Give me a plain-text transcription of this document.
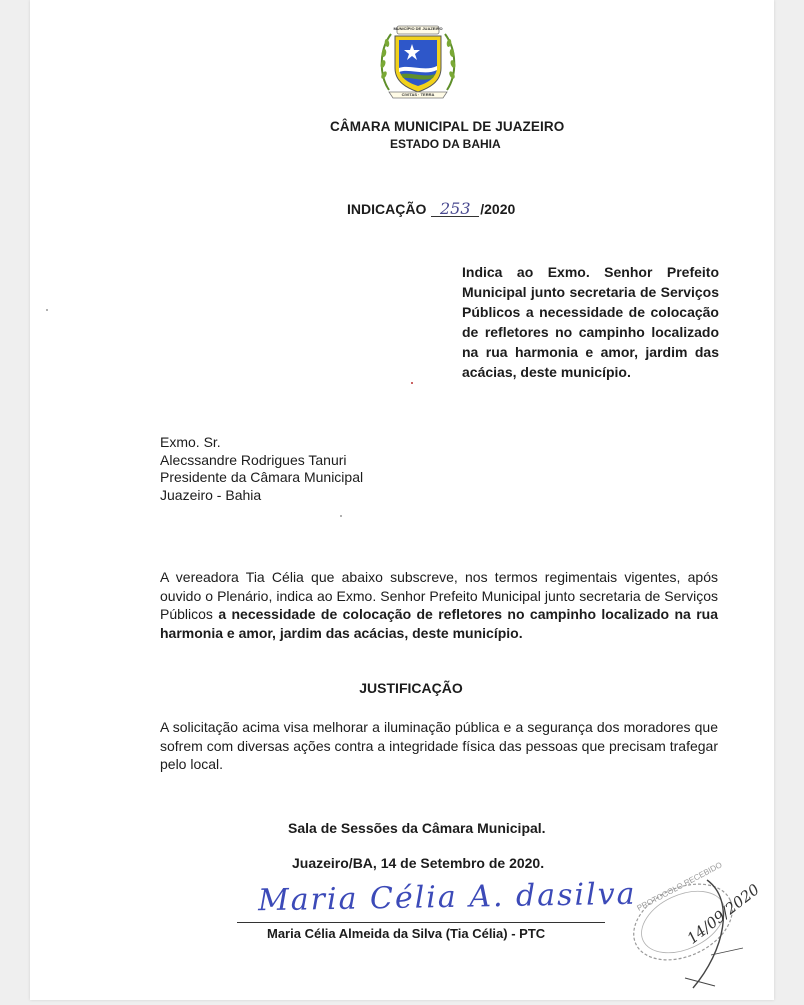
MUNICÍPIO DE JUAZEIRO
CIVITAS · TERRA
CÂMARA MUNICIPAL DE JUAZEIRO
ESTADO DA BAHIA
INDICAÇÃO 253 /2020
Indica ao Exmo. Senhor Prefeito Municipal junto secretaria de Serviços Públicos a necessidade de colocação de refletores no campinho localizado na rua harmonia e amor, jardim das acácias, deste município.
Exmo. Sr.
Alecssandre Rodrigues Tanuri
Presidente da Câmara Municipal
Juazeiro - Bahia
A vereadora Tia Célia que abaixo subscreve, nos termos regimentais vigentes, após ouvido o Plenário, indica ao Exmo. Senhor Prefeito Municipal junto secretaria de Serviços Públicos a necessidade de colocação de refletores no campinho localizado na rua harmonia e amor, jardim das acácias, deste município.
JUSTIFICAÇÃO
A solicitação acima visa melhorar a iluminação pública e a segurança dos moradores que sofrem com diversas ações contra a integridade física das pessoas que precisam trafegar pelo local.
Sala de Sessões da Câmara Municipal.
Juazeiro/BA, 14 de Setembro de 2020.
Maria Célia A. dasilva
Maria Célia Almeida da Silva (Tia Célia) - PTC
PROTOCOLO RECEBIDO
14/09/2020
